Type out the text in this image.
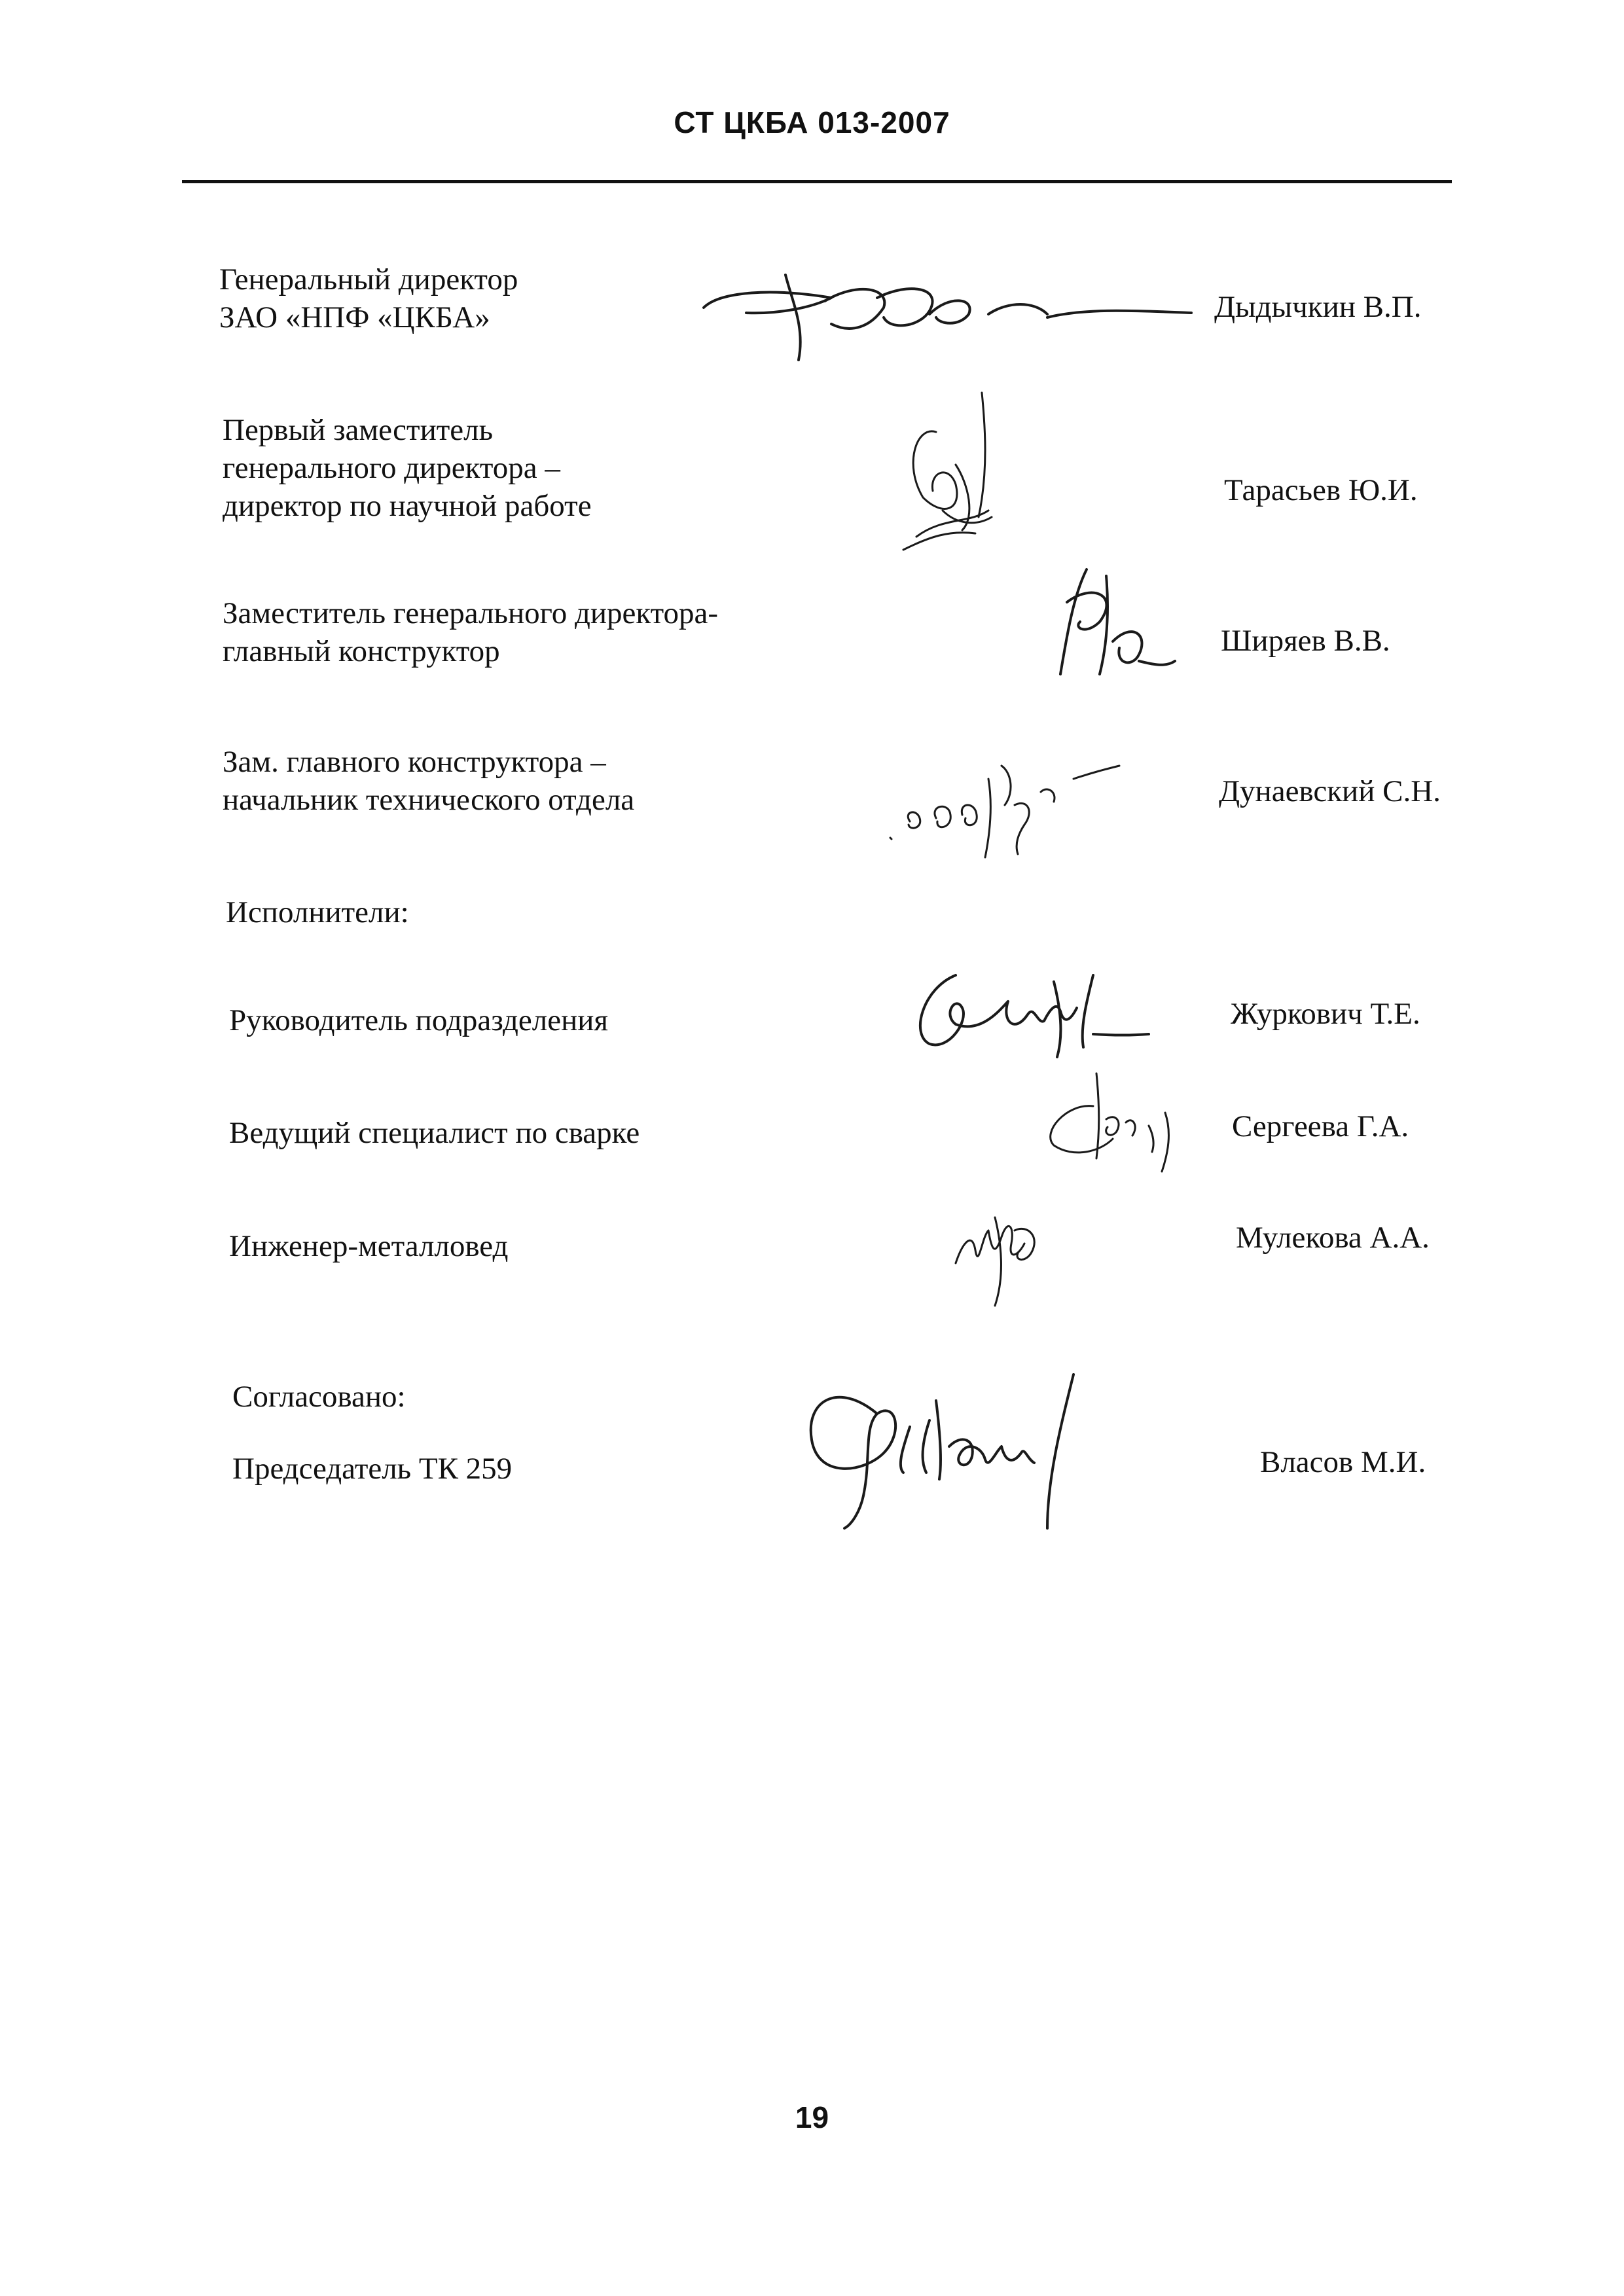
СТ ЦКБА 013-2007
Генеральный директор
ЗАО «НПФ «ЦКБА»	Дыдычкин В.П.
Первый заместитель
генерального директора –
директор по научной работе	Тарасьев Ю.И.
Заместитель генерального директора-
главный конструктор	Ширяев В.В.
Зам. главного конструктора –
начальник технического отдела	Дунаевский С.Н.
Исполнители:
Руководитель подразделения	Журкович Т.Е.
Ведущий специалист по сварке	Сергеева Г.А.
Инженер-металловед	Мулекова А.А.
Согласовано:
Председатель ТК 259	Власов М.И.
19
